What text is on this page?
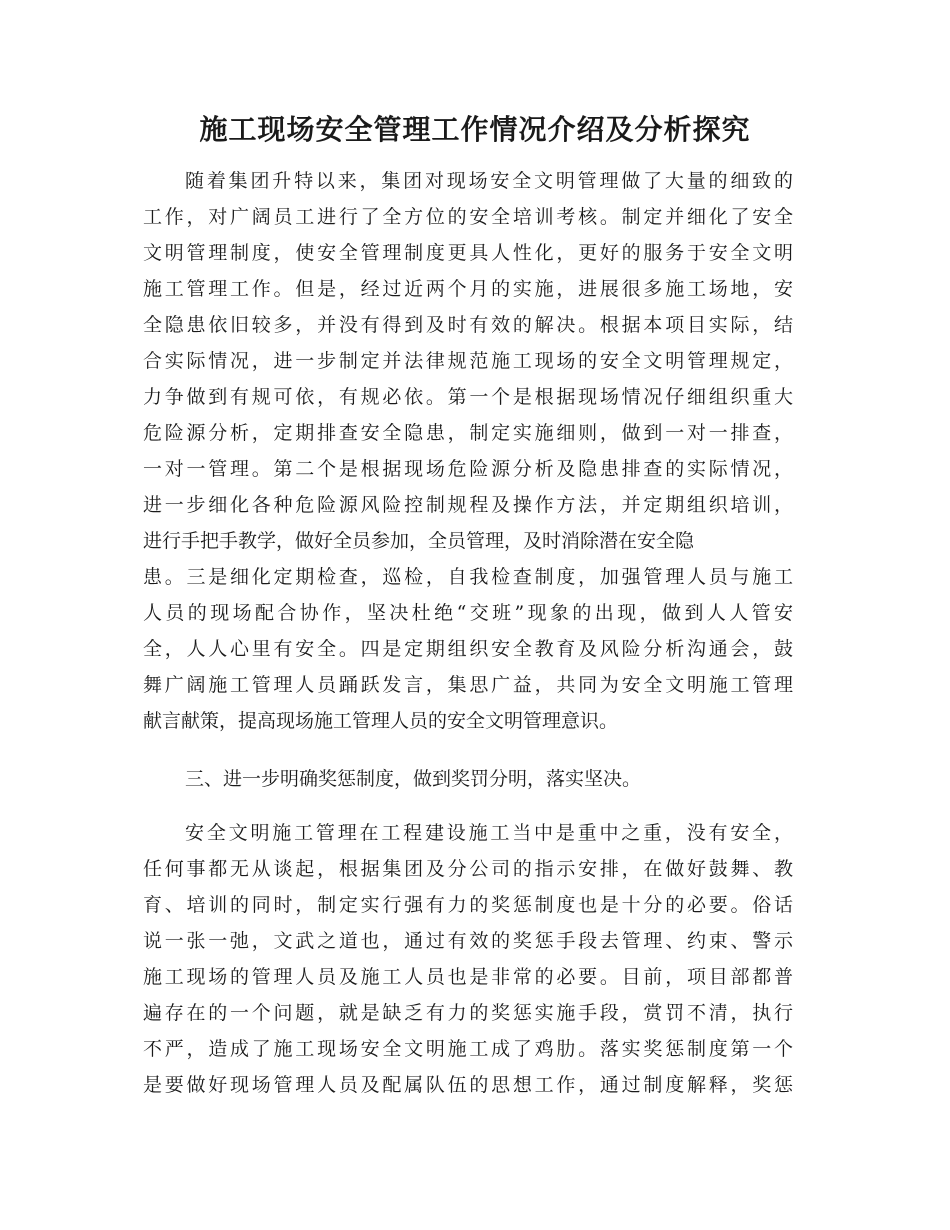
施工现场安全管理工作情况介绍及分析探究
随着集团升特以来，集团对现场安全文明管理做了大量的细致的
工作，对广阔员工进行了全方位的安全培训考核。制定并细化了安全
文明管理制度，使安全管理制度更具人性化，更好的服务于安全文明
施工管理工作。但是，经过近两个月的实施，进展很多施工场地，安
全隐患依旧较多，并没有得到及时有效的解决。根据本项目实际，结
合实际情况，进一步制定并法律规范施工现场的安全文明管理规定，
力争做到有规可依，有规必依。第一个是根据现场情况仔细组织重大
危险源分析，定期排查安全隐患，制定实施细则，做到一对一排查，
一对一管理。第二个是根据现场危险源分析及隐患排查的实际情况，
进一步细化各种危险源风险控制规程及操作方法，并定期组织培训，
进行手把手教学，做好全员参加，全员管理，及时消除潜在安全隐
患。三是细化定期检查，巡检，自我检查制度，加强管理人员与施工
人员的现场配合协作，坚决杜绝“交班”现象的出现，做到人人管安
全，人人心里有安全。四是定期组织安全教育及风险分析沟通会，鼓
舞广阔施工管理人员踊跃发言，集思广益，共同为安全文明施工管理
献言献策，提高现场施工管理人员的安全文明管理意识。
三、进一步明确奖惩制度，做到奖罚分明，落实坚决。
安全文明施工管理在工程建设施工当中是重中之重，没有安全，
任何事都无从谈起，根据集团及分公司的指示安排，在做好鼓舞、教
育、培训的同时，制定实行强有力的奖惩制度也是十分的必要。俗话
说一张一弛，文武之道也，通过有效的奖惩手段去管理、约束、警示
施工现场的管理人员及施工人员也是非常的必要。目前，项目部都普
遍存在的一个问题，就是缺乏有力的奖惩实施手段，赏罚不清，执行
不严，造成了施工现场安全文明施工成了鸡肋。落实奖惩制度第一个
是要做好现场管理人员及配属队伍的思想工作，通过制度解释，奖惩
